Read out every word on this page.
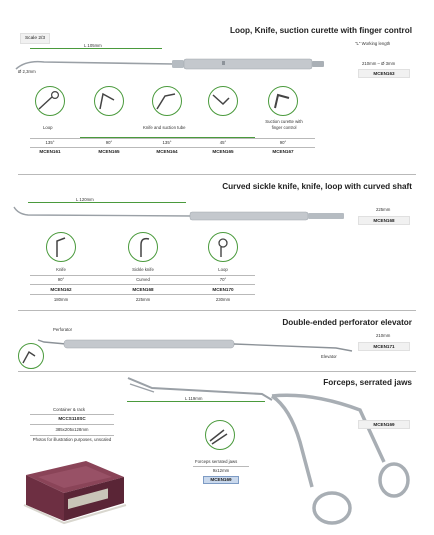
Scale 2/3
Loop, Knife, suction curette with finger control
"L" Working length
L 105mm
Ø 2,3mm
210mm – Ø 3mm
MCEN163
Loop	Knife and suction tube
Suction curette with finger control
135°	90°	135°	45°	90°
MCEN161	MCEN165	MCEN164	MCEN165	MCEN167
Curved sickle knife, knife, loop with curved shaft
L 120mm
225mm
MCEN168
Knife	Sickle knife	Loop
90°	Curved	70°
MCEN162	MCEN168	MCEN170
180mm	225mm	230mm
Double-ended perforator elevator
Perforator
Elevator
210mm
MCEN171
Forceps, serrated jaws
L 119mm
MCEN169
Forceps serrated jaws
9x12mm
MCEN169
Container & rack
MCCS110SC
385x205x128mm
Photos for illustration purposes, unscaled
